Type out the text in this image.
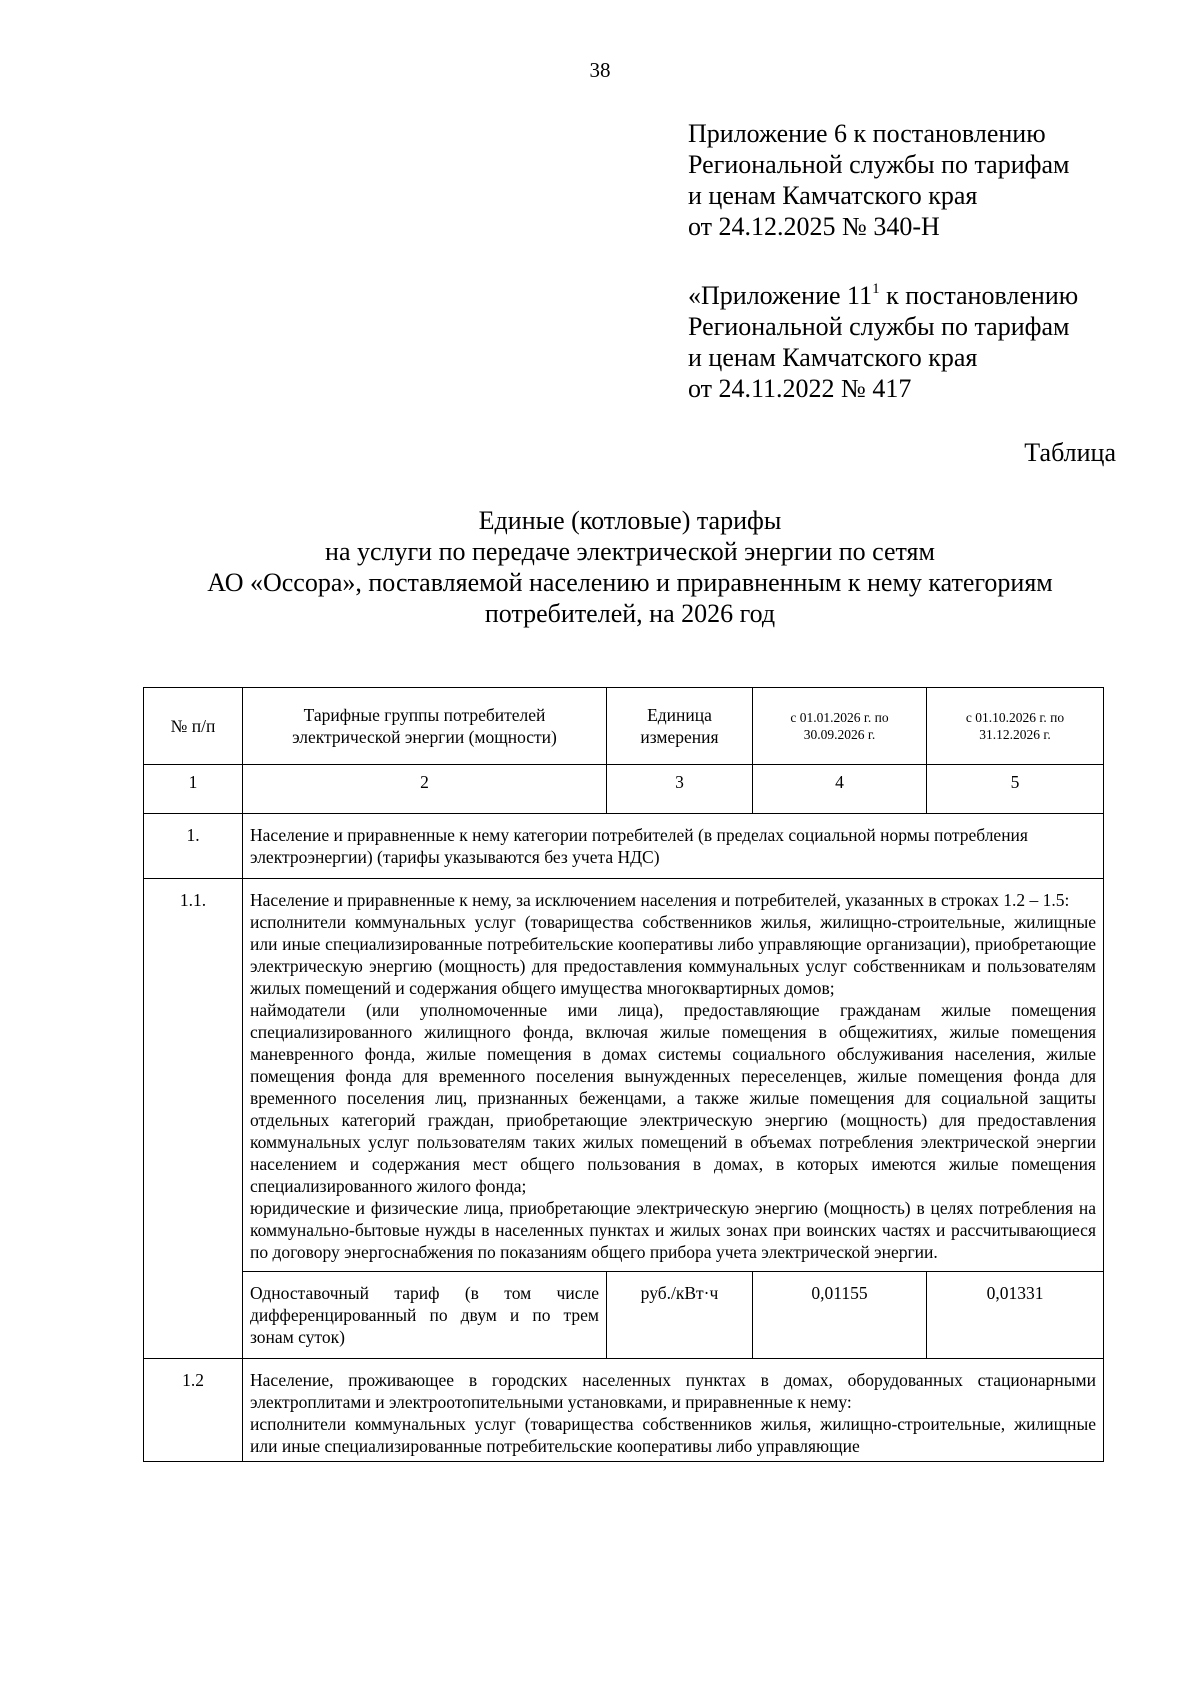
38
Приложение 6 к постановлению
Региональной службы по тарифам
и ценам Камчатского края
от 24.12.2025 № 340-Н
«Приложение $11^1$ к постановлению
Региональной службы по тарифам
и ценам Камчатского края
от 24.11.2022 № 417
Таблица
Единые (котловые) тарифы
на услуги по передаче электрической энергии по сетям
АО «Оссора», поставляемой населению и приравненным к нему категориям
потребителей, на 2026 год
№ п/п	Тарифные группы потребителей электрической энергии (мощности)	Единица измерения	с 01.01.2026 г. по 30.09.2026 г.	с 01.10.2026 г. по 31.12.2026 г.
1	2	3	4	5
1.	Население и приравненные к нему категории потребителей (в пределах социальной нормы потребления электроэнергии) (тарифы указываются без учета НДС)			
1.1.	Население и приравненные к нему, за исключением населения и потребителей, указанных в строках 1.2 – 1.5:
исполнители коммунальных услуг (товарищества собственников жилья, жилищно-строительные, жилищные или иные специализированные потребительские кооперативы либо управляющие организации), приобретающие электрическую энергию (мощность) для предоставления коммунальных услуг собственникам и пользователям жилых помещений и содержания общего имущества многоквартирных домов;
наймодатели (или уполномоченные ими лица), предоставляющие гражданам жилые помещения специализированного жилищного фонда, включая жилые помещения в общежитиях, жилые помещения маневренного фонда, жилые помещения в домах системы социального обслуживания населения, жилые помещения фонда для временного поселения вынужденных переселенцев, жилые помещения фонда для временного поселения лиц, признанных беженцами, а также жилые помещения для социальной защиты отдельных категорий граждан, приобретающие электрическую энергию (мощность) для предоставления коммунальных услуг пользователям таких жилых помещений в объемах потребления электрической энергии населением и содержания мест общего пользования в домах, в которых имеются жилые помещения специализированного жилого фонда;
юридические и физические лица, приобретающие электрическую энергию (мощность) в целях потребления на коммунально-бытовые нужды в населенных пунктах и жилых зонах при воинских частях и рассчитывающиеся по договору энергоснабжения по показаниям общего прибора учета электрической энергии.			

	Одноставочный тариф (в том числе дифференцированный по двум и по трем зонам суток)	руб./кВт·ч	0,01155	0,01331
1.2	Население, проживающее в городских населенных пунктах в домах, оборудованных стационарными электроплитами и электроотопительными установками, и приравненные к нему:
исполнители коммунальных услуг (товарищества собственников жилья, жилищно-строительные, жилищные или иные специализированные потребительские кооперативы либо управляющие			
